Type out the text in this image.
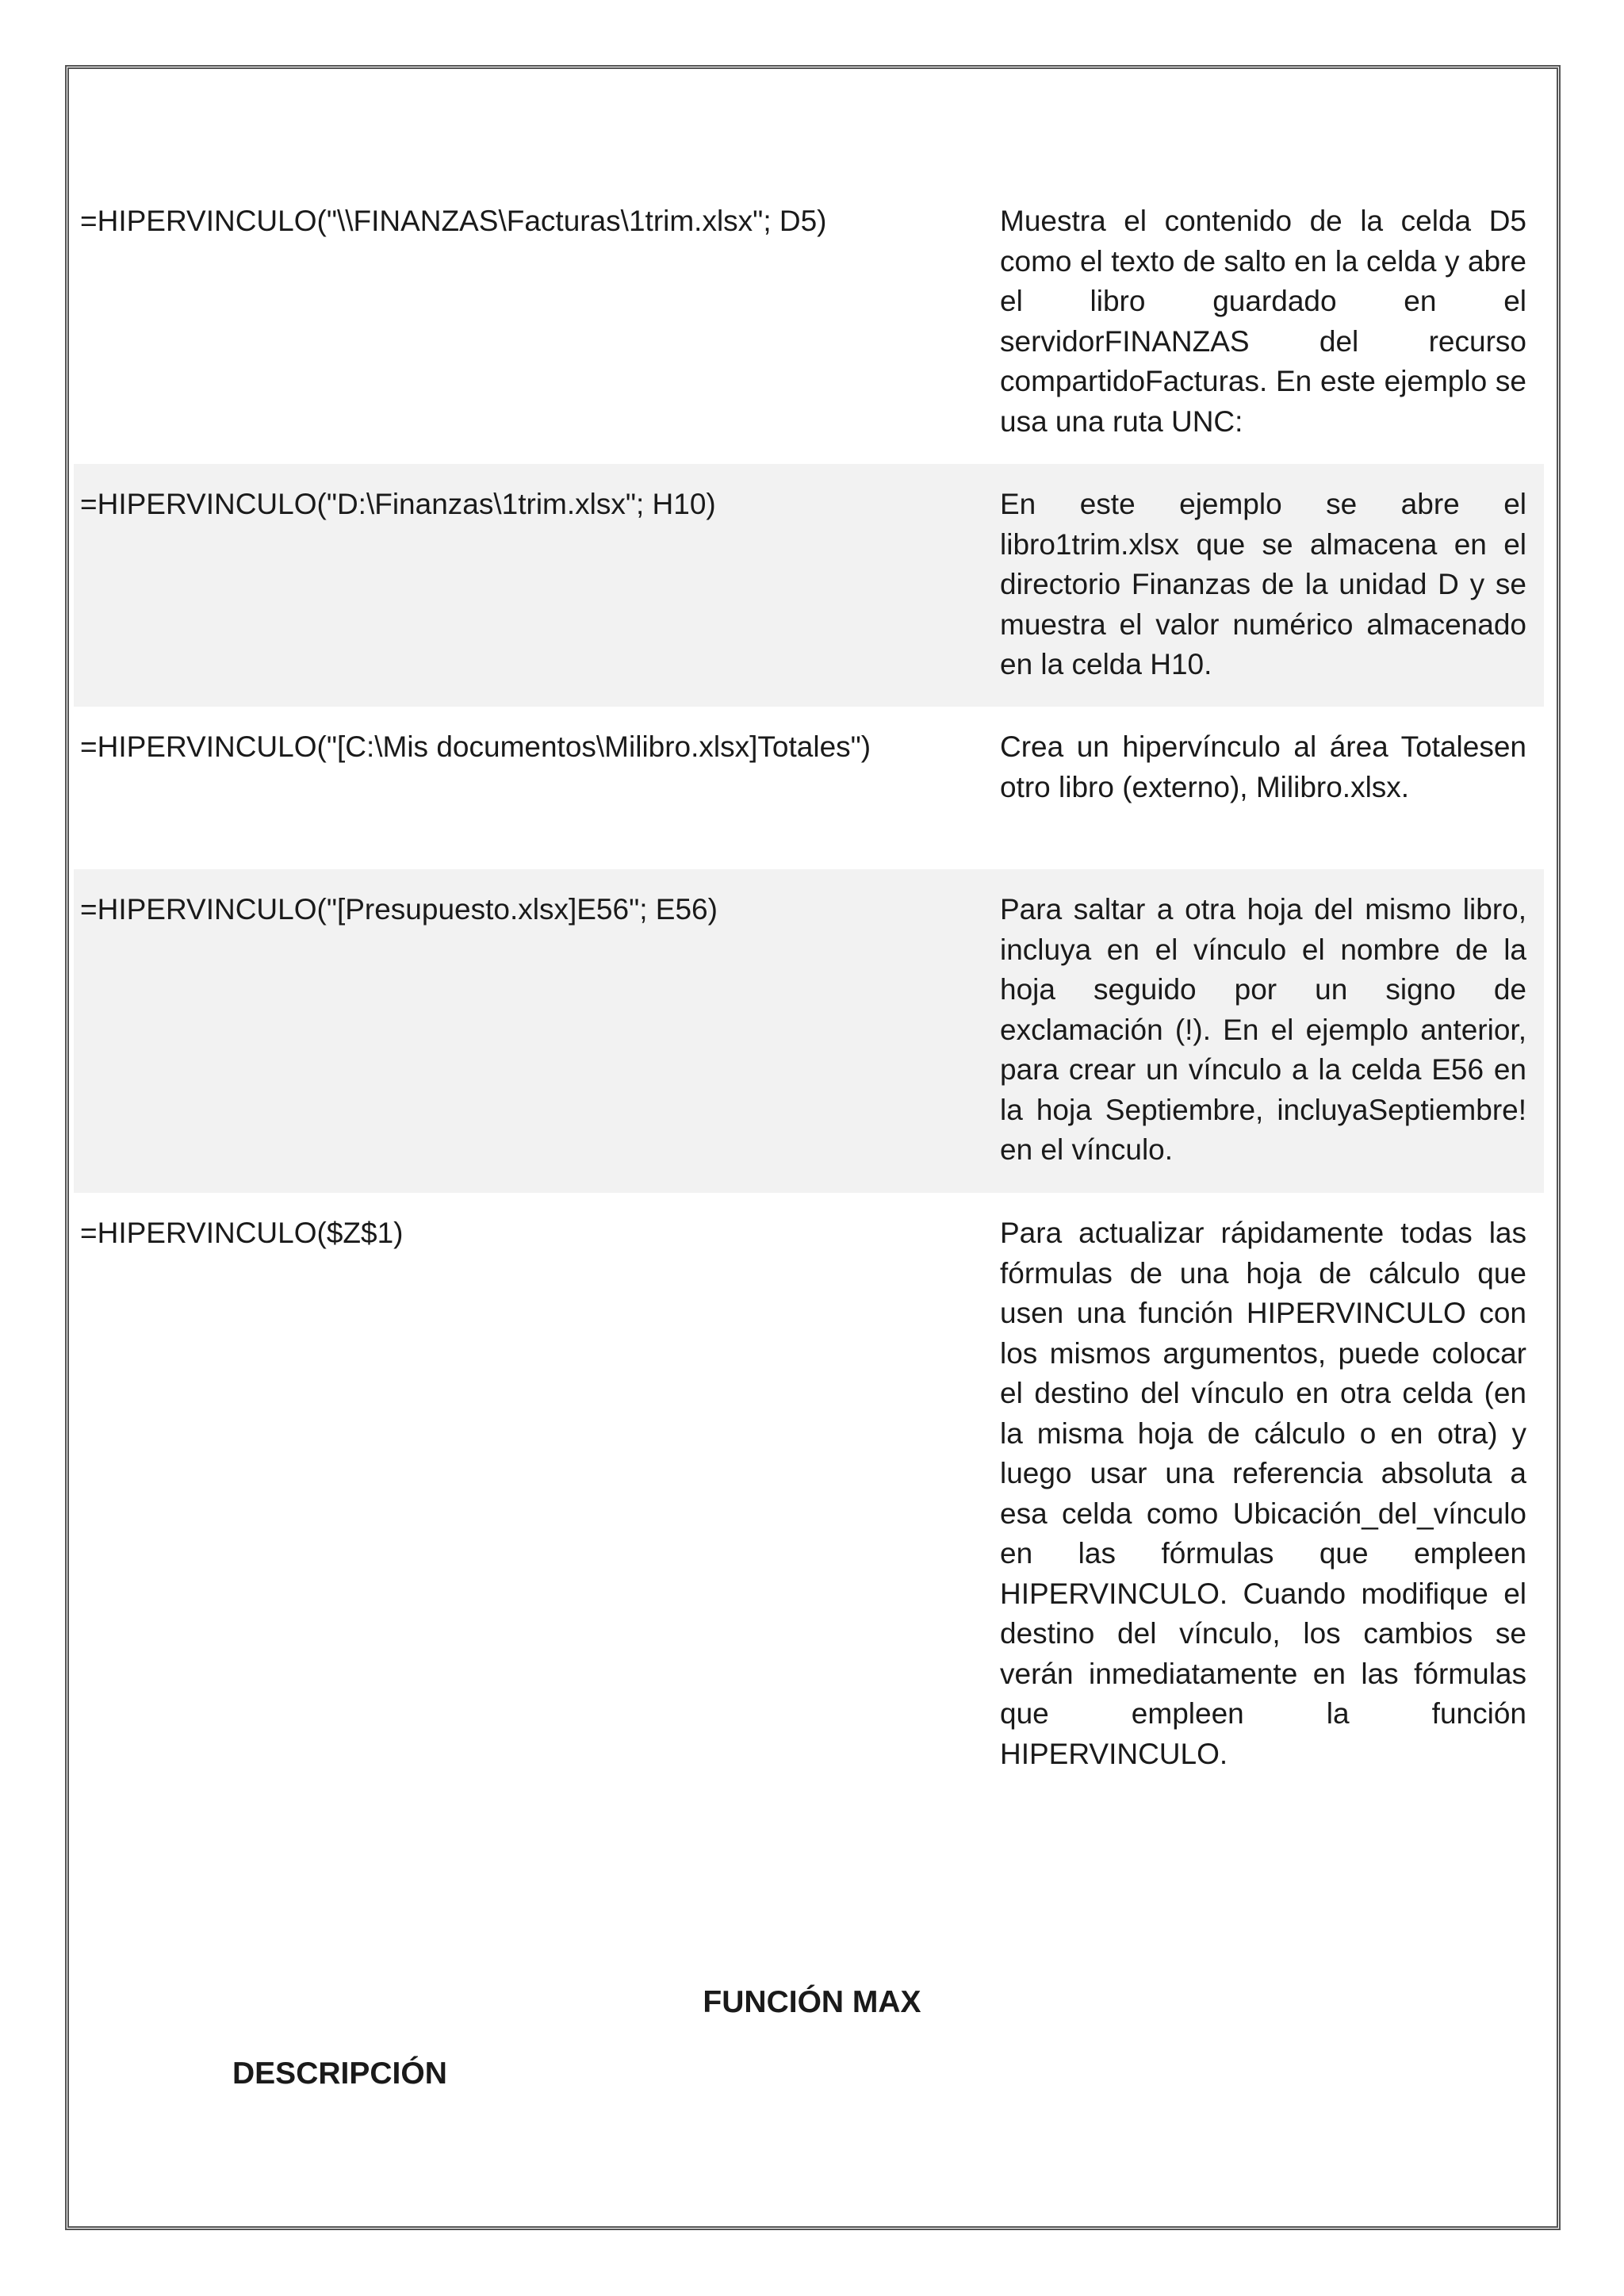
=HIPERVINCULO("\\FINANZAS\Facturas\1trim.xlsx"; D5)	Muestra el contenido de la celda D5 como el texto de salto en la celda y abre el libro guardado en el servidorFINANZAS del recurso compartidoFacturas. En este ejemplo se usa una ruta UNC:
=HIPERVINCULO("D:\Finanzas\1trim.xlsx"; H10)	En este ejemplo se abre el libro1trim.xlsx que se almacena en el directorio Finanzas de la unidad D y se muestra el valor numérico almacenado en la celda H10.
=HIPERVINCULO("[C:\Mis documentos\Milibro.xlsx]Totales")	Crea un hipervínculo al área Totalesen otro libro (externo), Milibro.xlsx.
=HIPERVINCULO("[Presupuesto.xlsx]E56"; E56)	Para saltar a otra hoja del mismo libro, incluya en el vínculo el nombre de la hoja seguido por un signo de exclamación (!). En el ejemplo anterior, para crear un vínculo a la celda E56 en la hoja Septiembre, incluyaSeptiembre! en el vínculo.
=HIPERVINCULO($Z$1)	Para actualizar rápidamente todas las fórmulas de una hoja de cálculo que usen una función HIPERVINCULO con los mismos argumentos, puede colocar el destino del vínculo en otra celda (en la misma hoja de cálculo o en otra) y luego usar una referencia absoluta a esa celda como Ubicación_del_vínculo en las fórmulas que empleen HIPERVINCULO. Cuando modifique el destino del vínculo, los cambios se verán inmediatamente en las fórmulas que empleen la función HIPERVINCULO.
FUNCIÓN MAX
DESCRIPCIÓN
